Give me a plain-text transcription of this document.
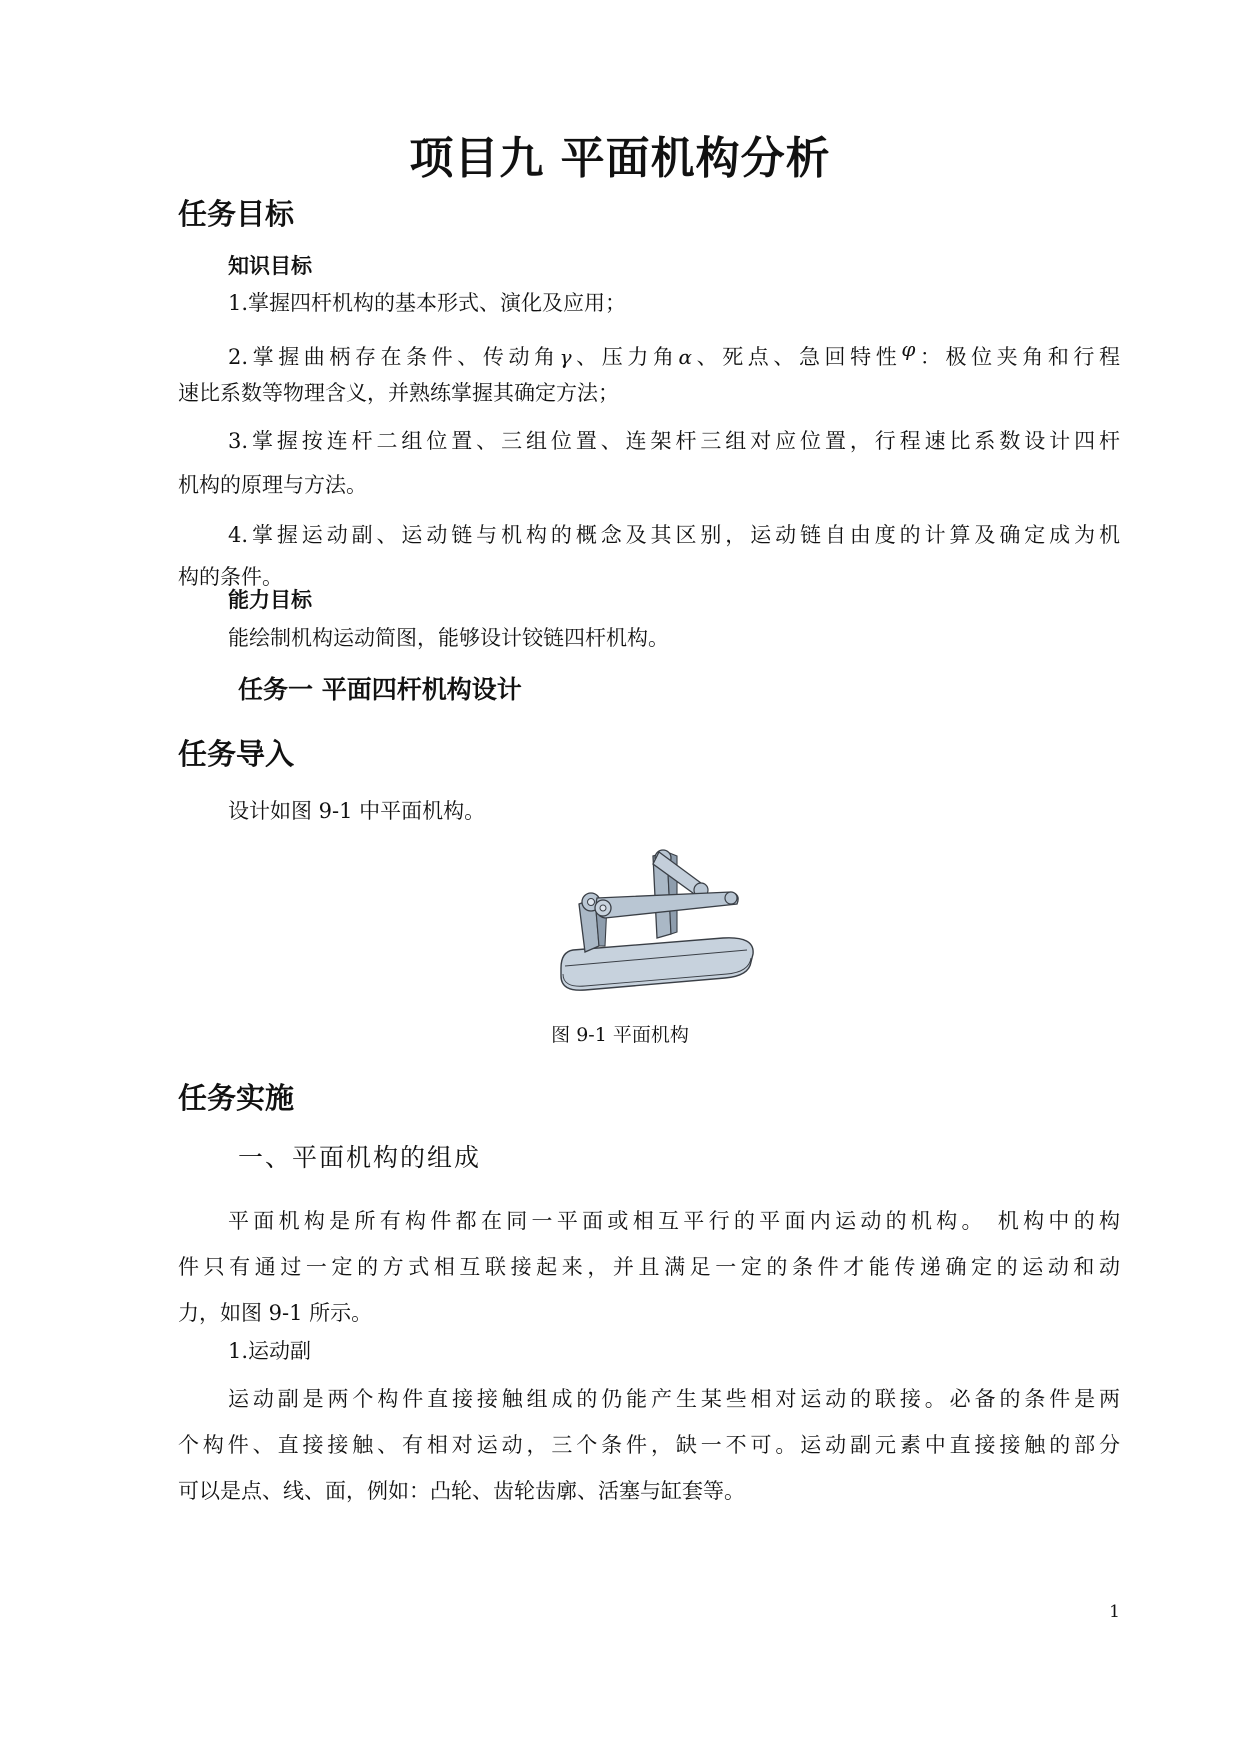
项目九 平面机构分析
任务目标
知识目标
1.掌握四杆机构的基本形式、演化及应用；
2.掌握曲柄存在条件、传动角γ、压力角α、死点、急回特性$^\varphi$：极位夹角和行程
速比系数等物理含义，并熟练掌握其确定方法；
3.掌握按连杆二组位置、三组位置、连架杆三组对应位置，行程速比系数设计四杆
机构的原理与方法。
4.掌握运动副、运动链与机构的概念及其区别，运动链自由度的计算及确定成为机
构的条件。
能力目标
能绘制机构运动简图，能够设计铰链四杆机构。
任务一 平面四杆机构设计
任务导入
设计如图 9-1 中平面机构。
图 9-1 平面机构
任务实施
一、平面机构的组成
平面机构是所有构件都在同一平面或相互平行的平面内运动的机构。 机构中的构
件只有通过一定的方式相互联接起来，并且满足一定的条件才能传递确定的运动和动
力，如图 9-1 所示。
1.运动副
运动副是两个构件直接接触组成的仍能产生某些相对运动的联接。必备的条件是两
个构件、直接接触、有相对运动，三个条件，缺一不可。运动副元素中直接接触的部分
可以是点、线、面，例如：凸轮、齿轮齿廓、活塞与缸套等。
1
